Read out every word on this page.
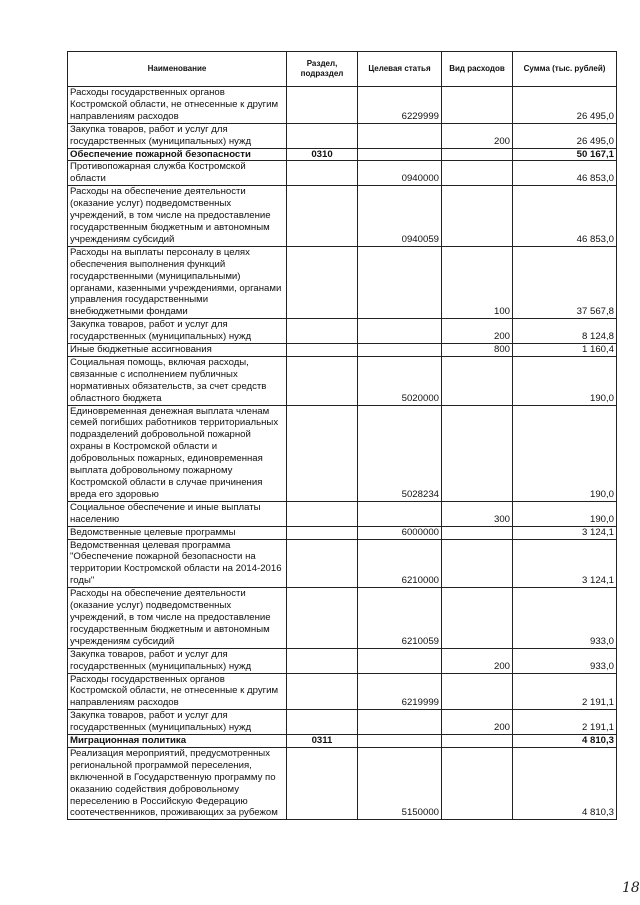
Наименование	Раздел, подраздел	Целевая статья	Вид расходов	Сумма (тыс. рублей)
Расходы государственных органов Костромской области, не отнесенные к другим направлениям расходов		6229999		26 495,0
Закупка товаров, работ и услуг для государственных (муниципальных) нужд			200	26 495,0
Обеспечение пожарной безопасности	0310			50 167,1
Противопожарная служба Костромской области		0940000		46 853,0
Расходы на обеспечение деятельности (оказание услуг) подведомственных учреждений, в том числе на предоставление государственным бюджетным и автономным учреждениям субсидий		0940059		46 853,0
Расходы на выплаты персоналу в целях обеспечения выполнения функций государственными (муниципальными) органами, казенными учреждениями, органами управления государственными внебюджетными фондами			100	37 567,8
Закупка товаров, работ и услуг для государственных (муниципальных) нужд			200	8 124,8
Иные бюджетные ассигнования			800	1 160,4
Социальная помощь, включая расходы, связанные с исполнением публичных нормативных обязательств, за счет средств областного бюджета		5020000		190,0
Единовременная денежная выплата членам семей погибших работников территориальных подразделений добровольной пожарной охраны в Костромской области и добровольных пожарных, единовременная выплата добровольному пожарному Костромской области в случае причинения вреда его здоровью		5028234		190,0
Социальное обеспечение и иные выплаты населению			300	190,0
Ведомственные целевые программы		6000000		3 124,1
Ведомственная целевая программа "Обеспечение пожарной безопасности на территории Костромской области на 2014-2016 годы"		6210000		3 124,1
Расходы на обеспечение деятельности (оказание услуг) подведомственных учреждений, в том числе на предоставление государственным бюджетным и автономным учреждениям субсидий		6210059		933,0
Закупка товаров, работ и услуг для государственных (муниципальных) нужд			200	933,0
Расходы государственных органов Костромской области, не отнесенные к другим направлениям расходов		6219999		2 191,1
Закупка товаров, работ и услуг для государственных (муниципальных) нужд			200	2 191,1
Миграционная политика	0311			4 810,3
Реализация мероприятий, предусмотренных региональной программой переселения, включенной в Государственную программу по оказанию содействия добровольному переселению в Российскую Федерацию соотечественников, проживающих за рубежом		5150000		4 810,3
18
